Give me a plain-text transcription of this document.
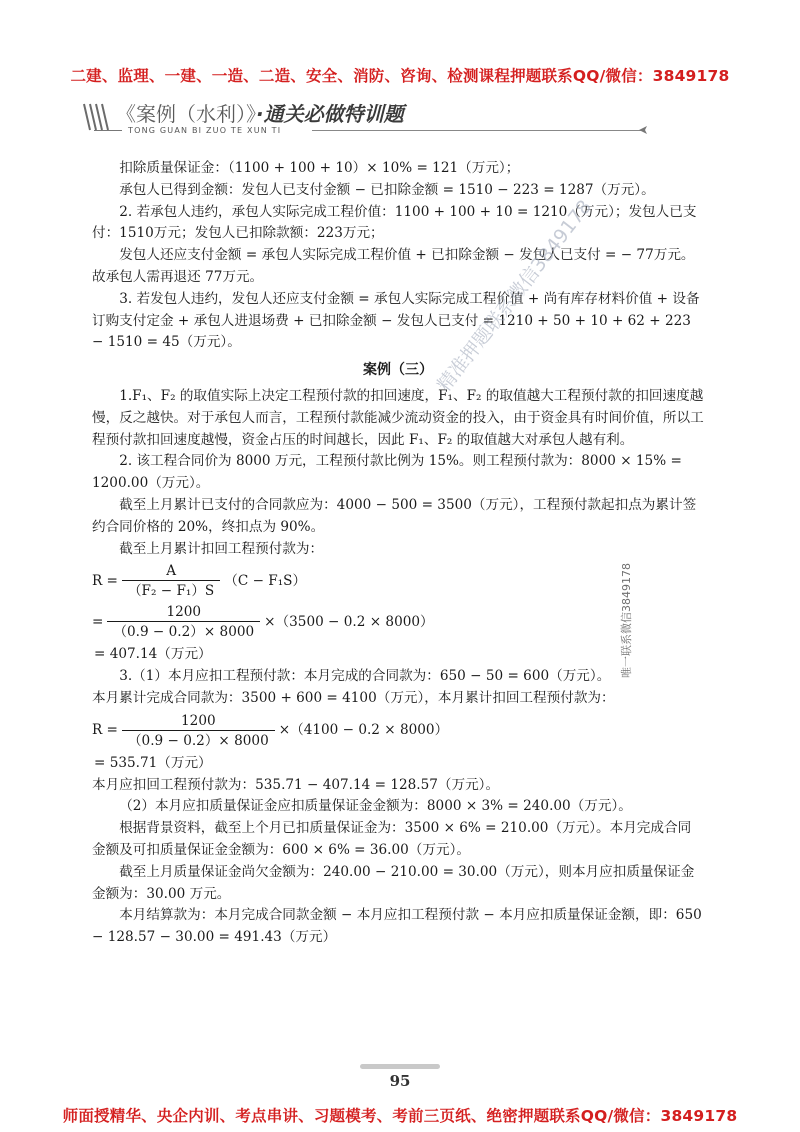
二建、监理、一建、一造、二造、安全、消防、咨询、检测课程押题联系QQ/微信：3849178
《案例（水利）》·通关必做特训题
TONG GUAN BI ZUO TE XUN TI

扣除质量保证金：（1100 + 100 + 10）× 10% = 121（万元）；

承包人已得到金额：发包人已支付金额 − 已扣除金额 = 1510 − 223 = 1287（万元）。

2. 若承包人违约，承包人实际完成工程价值：1100 + 100 + 10 = 1210（万元）；发包人已支付：1510万元；发包人已扣除款额：223万元；

发包人还应支付金额 = 承包人实际完成工程价值 + 已扣除金额 − 发包人已支付 = − 77万元。故承包人需再退还 77万元。

3. 若发包人违约，发包人还应支付金额 = 承包人实际完成工程价值 + 尚有库存材料价值 + 设备订购支付定金 + 承包人进退场费 + 已扣除金额 − 发包人已支付 = 1210 + 50 + 10 + 62 + 223 − 1510 = 45（万元）。

案例（三）

1.F₁、F₂ 的取值实际上决定工程预付款的扣回速度，F₁、F₂ 的取值越大工程预付款的扣回速度越慢，反之越快。对于承包人而言，工程预付款能减少流动资金的投入，由于资金具有时间价值，所以工程预付款扣回速度越慢，资金占压的时间越长，因此 F₁、F₂ 的取值越大对承包人越有利。

2. 该工程合同价为 8000 万元，工程预付款比例为 15%。则工程预付款为：8000 × 15% = 1200.00（万元）。

截至上月累计已支付的合同款应为：4000 − 500 = 3500（万元），工程预付款起扣点为累计签约合同价格的 20%，终扣点为 90%。

截至上月累计扣回工程预付款为：

$R = \frac{A}{\text{（F₂ − F₁）S}} (C - F_1S)$
= $\frac{1200}{(0.9 - 0.2)\times 8000} \times(3500 - 0.2 \times 8000)$

= 407.14（万元）

3.（1）本月应扣工程预付款：本月完成的合同款为：650 − 50 = 600（万元）。

本月累计完成合同款为：3500 + 600 = 4100（万元），本月累计扣回工程预付款为：

$R = \frac{1200}{(0.9 - 0.2)\times 8000} \times(4100 - 0.2 \times 8000)$

= 535.71（万元）

本月应扣回工程预付款为：535.71 − 407.14 = 128.57（万元）。

（2）本月应扣质量保证金应扣质量保证金金额为：8000 × 3% = 240.00（万元）。

根据背景资料，截至上个月已扣质量保证金为：3500 × 6% = 210.00（万元）。本月完成合同金额及可扣质量保证金金额为：600 × 6% = 36.00（万元）。

截至上月质量保证金尚欠金额为：240.00 − 210.00 = 30.00（万元），则本月应扣质量保证金金额为：30.00 万元。

本月结算款为：本月完成合同款金额 − 本月应扣工程预付款 − 本月应扣质量保证金额，即：650 − 128.57 − 30.00 = 491.43（万元）

精准押题联系微信3849178
唯一联系微信3849178
95
师面授精华、央企内训、考点串讲、习题模考、考前三页纸、绝密押题联系QQ/微信：3849178
